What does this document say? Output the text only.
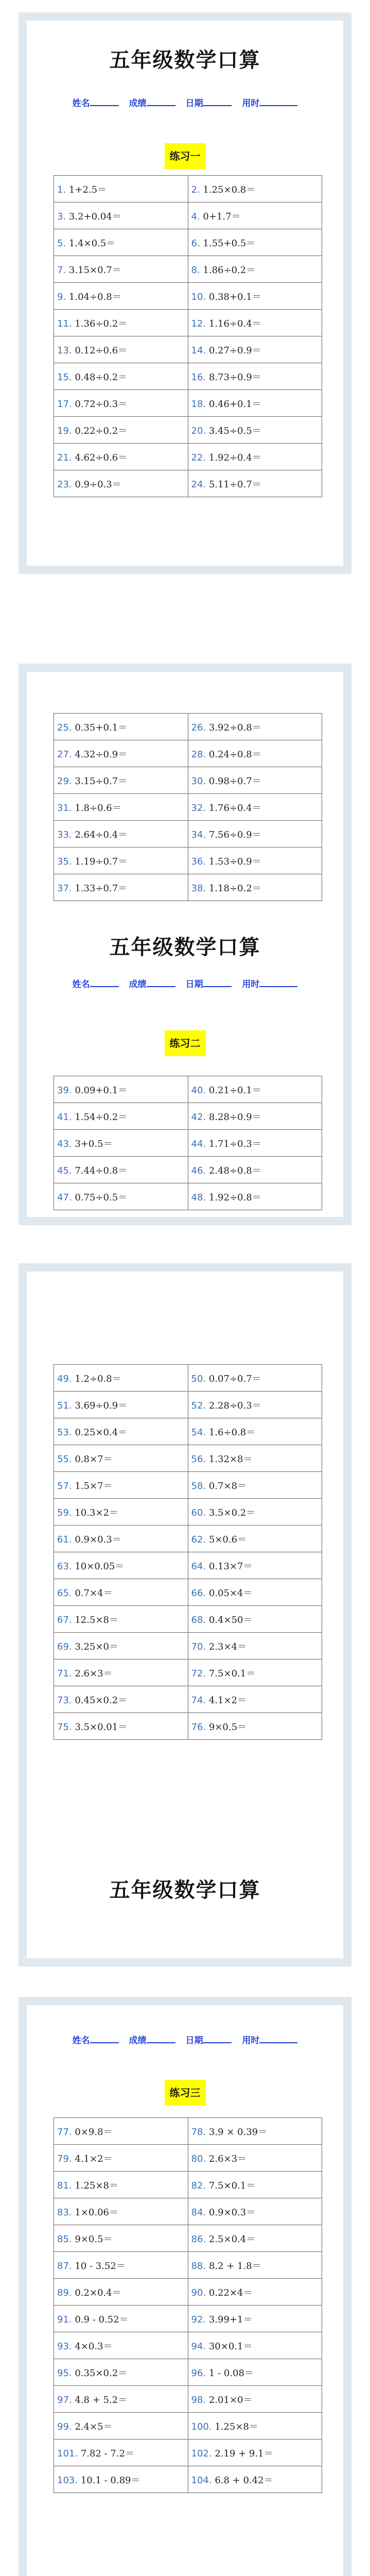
五年级数学口算
姓名	成绩	日期	用时
练习一
1. 1+2.5＝	2. 1.25×0.8＝
3. 3.2+0.04＝	4. 0+1.7＝
5. 1.4×0.5＝	6. 1.55+0.5＝
7. 3.15×0.7＝	8. 1.86÷0.2＝
9. 1.04÷0.8＝	10. 0.38+0.1＝
11. 1.36÷0.2＝	12. 1.16÷0.4＝
13. 0.12÷0.6＝	14. 0.27÷0.9＝
15. 0.48÷0.2＝	16. 8.73÷0.9＝
17. 0.72÷0.3＝	18. 0.46+0.1＝
19. 0.22÷0.2＝	20. 3.45÷0.5＝
21. 4.62÷0.6＝	22. 1.92÷0.4＝
23. 0.9÷0.3＝	24. 5.11÷0.7＝
25. 0.35+0.1＝	26. 3.92÷0.8＝
27. 4.32÷0.9＝	28. 0.24÷0.8＝
29. 3.15÷0.7＝	30. 0.98÷0.7＝
31. 1.8÷0.6＝	32. 1.76÷0.4＝
33. 2.64÷0.4＝	34. 7.56÷0.9＝
35. 1.19÷0.7＝	36. 1.53÷0.9＝
37. 1.33÷0.7＝	38. 1.18÷0.2＝
五年级数学口算
姓名	成绩	日期	用时
练习二
39. 0.09+0.1＝	40. 0.21÷0.1＝
41. 1.54÷0.2＝	42. 8.28÷0.9＝
43. 3+0.5＝	44. 1.71÷0.3＝
45. 7.44÷0.8＝	46. 2.48÷0.8＝
47. 0.75÷0.5＝	48. 1.92÷0.8＝
49. 1.2÷0.8＝	50. 0.07÷0.7＝
51. 3.69÷0.9＝	52. 2.28÷0.3＝
53. 0.25×0.4＝	54. 1.6÷0.8＝
55. 0.8×7＝	56. 1.32×8＝
57. 1.5×7＝	58. 0.7×8＝
59. 10.3×2＝	60. 3.5×0.2＝
61. 0.9×0.3＝	62. 5×0.6＝
63. 10×0.05＝	64. 0.13×7＝
65. 0.7×4＝	66. 0.05×4＝
67. 12.5×8＝	68. 0.4×50＝
69. 3.25×0＝	70. 2.3×4＝
71. 2.6×3＝	72. 7.5×0.1＝
73. 0.45×0.2＝	74. 4.1×2＝
75. 3.5×0.01＝	76. 9×0.5＝
五年级数学口算
姓名	成绩	日期	用时
练习三
77. 0×9.8＝	78. 3.9 × 0.39＝
79. 4.1×2＝	80. 2.6×3＝
81. 1.25×8＝	82. 7.5×0.1＝
83. 1×0.06＝	84. 0.9×0.3＝
85. 9×0.5＝	86. 2.5×0.4＝
87. 10 - 3.52＝	88. 8.2 + 1.8＝
89. 0.2×0.4＝	90. 0.22×4＝
91. 0.9 - 0.52＝	92. 3.99+1＝
93. 4×0.3＝	94. 30×0.1＝
95. 0.35×0.2＝	96. 1 - 0.08＝
97. 4.8 + 5.2＝	98. 2.01×0＝
99. 2.4×5＝	100. 1.25×8＝
101. 7.82 - 7.2＝	102. 2.19 + 9.1＝
103. 10.1 - 0.89＝	104. 6.8 + 0.42＝
